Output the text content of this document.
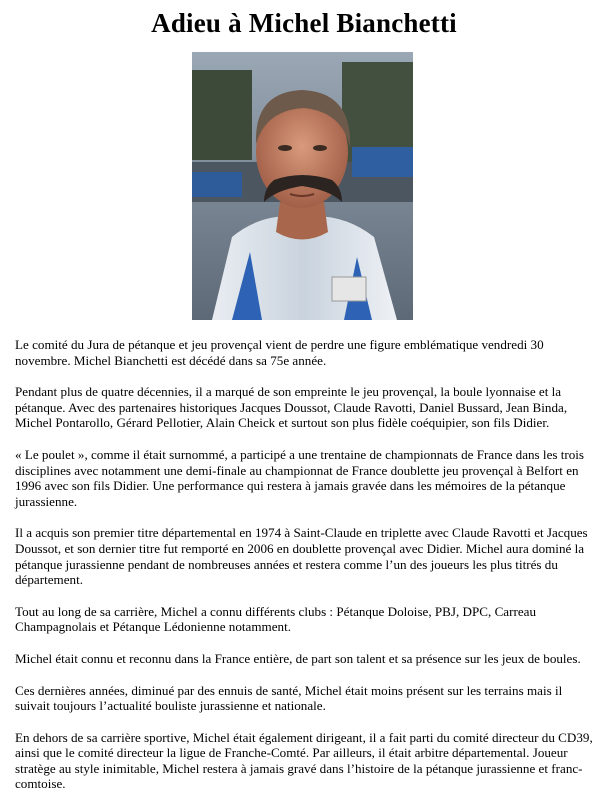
Adieu à Michel Bianchetti

Le comité du Jura de pétanque et jeu provençal vient de perdre une figure emblématique vendredi 30 novembre. Michel Bianchetti est décédé dans sa 75e année.

Pendant plus de quatre décennies, il a marqué de son empreinte le jeu provençal, la boule lyonnaise et la pétanque. Avec des partenaires historiques Jacques Doussot, Claude Ravotti, Daniel Bussard, Jean Binda, Michel Pontarollo, Gérard Pellotier, Alain Cheick et surtout son plus fidèle coéquipier, son fils Didier.

« Le poulet », comme il était surnommé, a participé a une trentaine de championnats de France dans les trois disciplines avec notamment une demi-finale au championnat de France doublette jeu provençal à Belfort en 1996 avec son fils Didier. Une performance qui restera à jamais gravée dans les mémoires de la pétanque jurassienne.

Il a acquis son premier titre départemental en 1974 à Saint-Claude en triplette avec Claude Ravotti et Jacques Doussot, et son dernier titre fut remporté en 2006 en doublette provençal avec Didier. Michel aura dominé la pétanque jurassienne pendant de nombreuses années et restera comme l’un des joueurs les plus titrés du département.

Tout au long de sa carrière, Michel a connu différents clubs : Pétanque Doloise, PBJ, DPC, Carreau Champagnolais et Pétanque Lédonienne notamment.

Michel était connu et reconnu dans la France entière, de part son talent et sa présence sur les jeux de boules.

Ces dernières années, diminué par des ennuis de santé, Michel était moins présent sur les terrains mais il suivait toujours l’actualité bouliste jurassienne et nationale.

En dehors de sa carrière sportive, Michel était également dirigeant, il a fait parti du comité directeur du CD39, ainsi que le comité directeur la ligue de Franche-Comté. Par ailleurs, il était arbitre départemental. Joueur stratège au style inimitable, Michel restera à jamais gravé dans l’histoire de la pétanque jurassienne et franc-comtoise.
